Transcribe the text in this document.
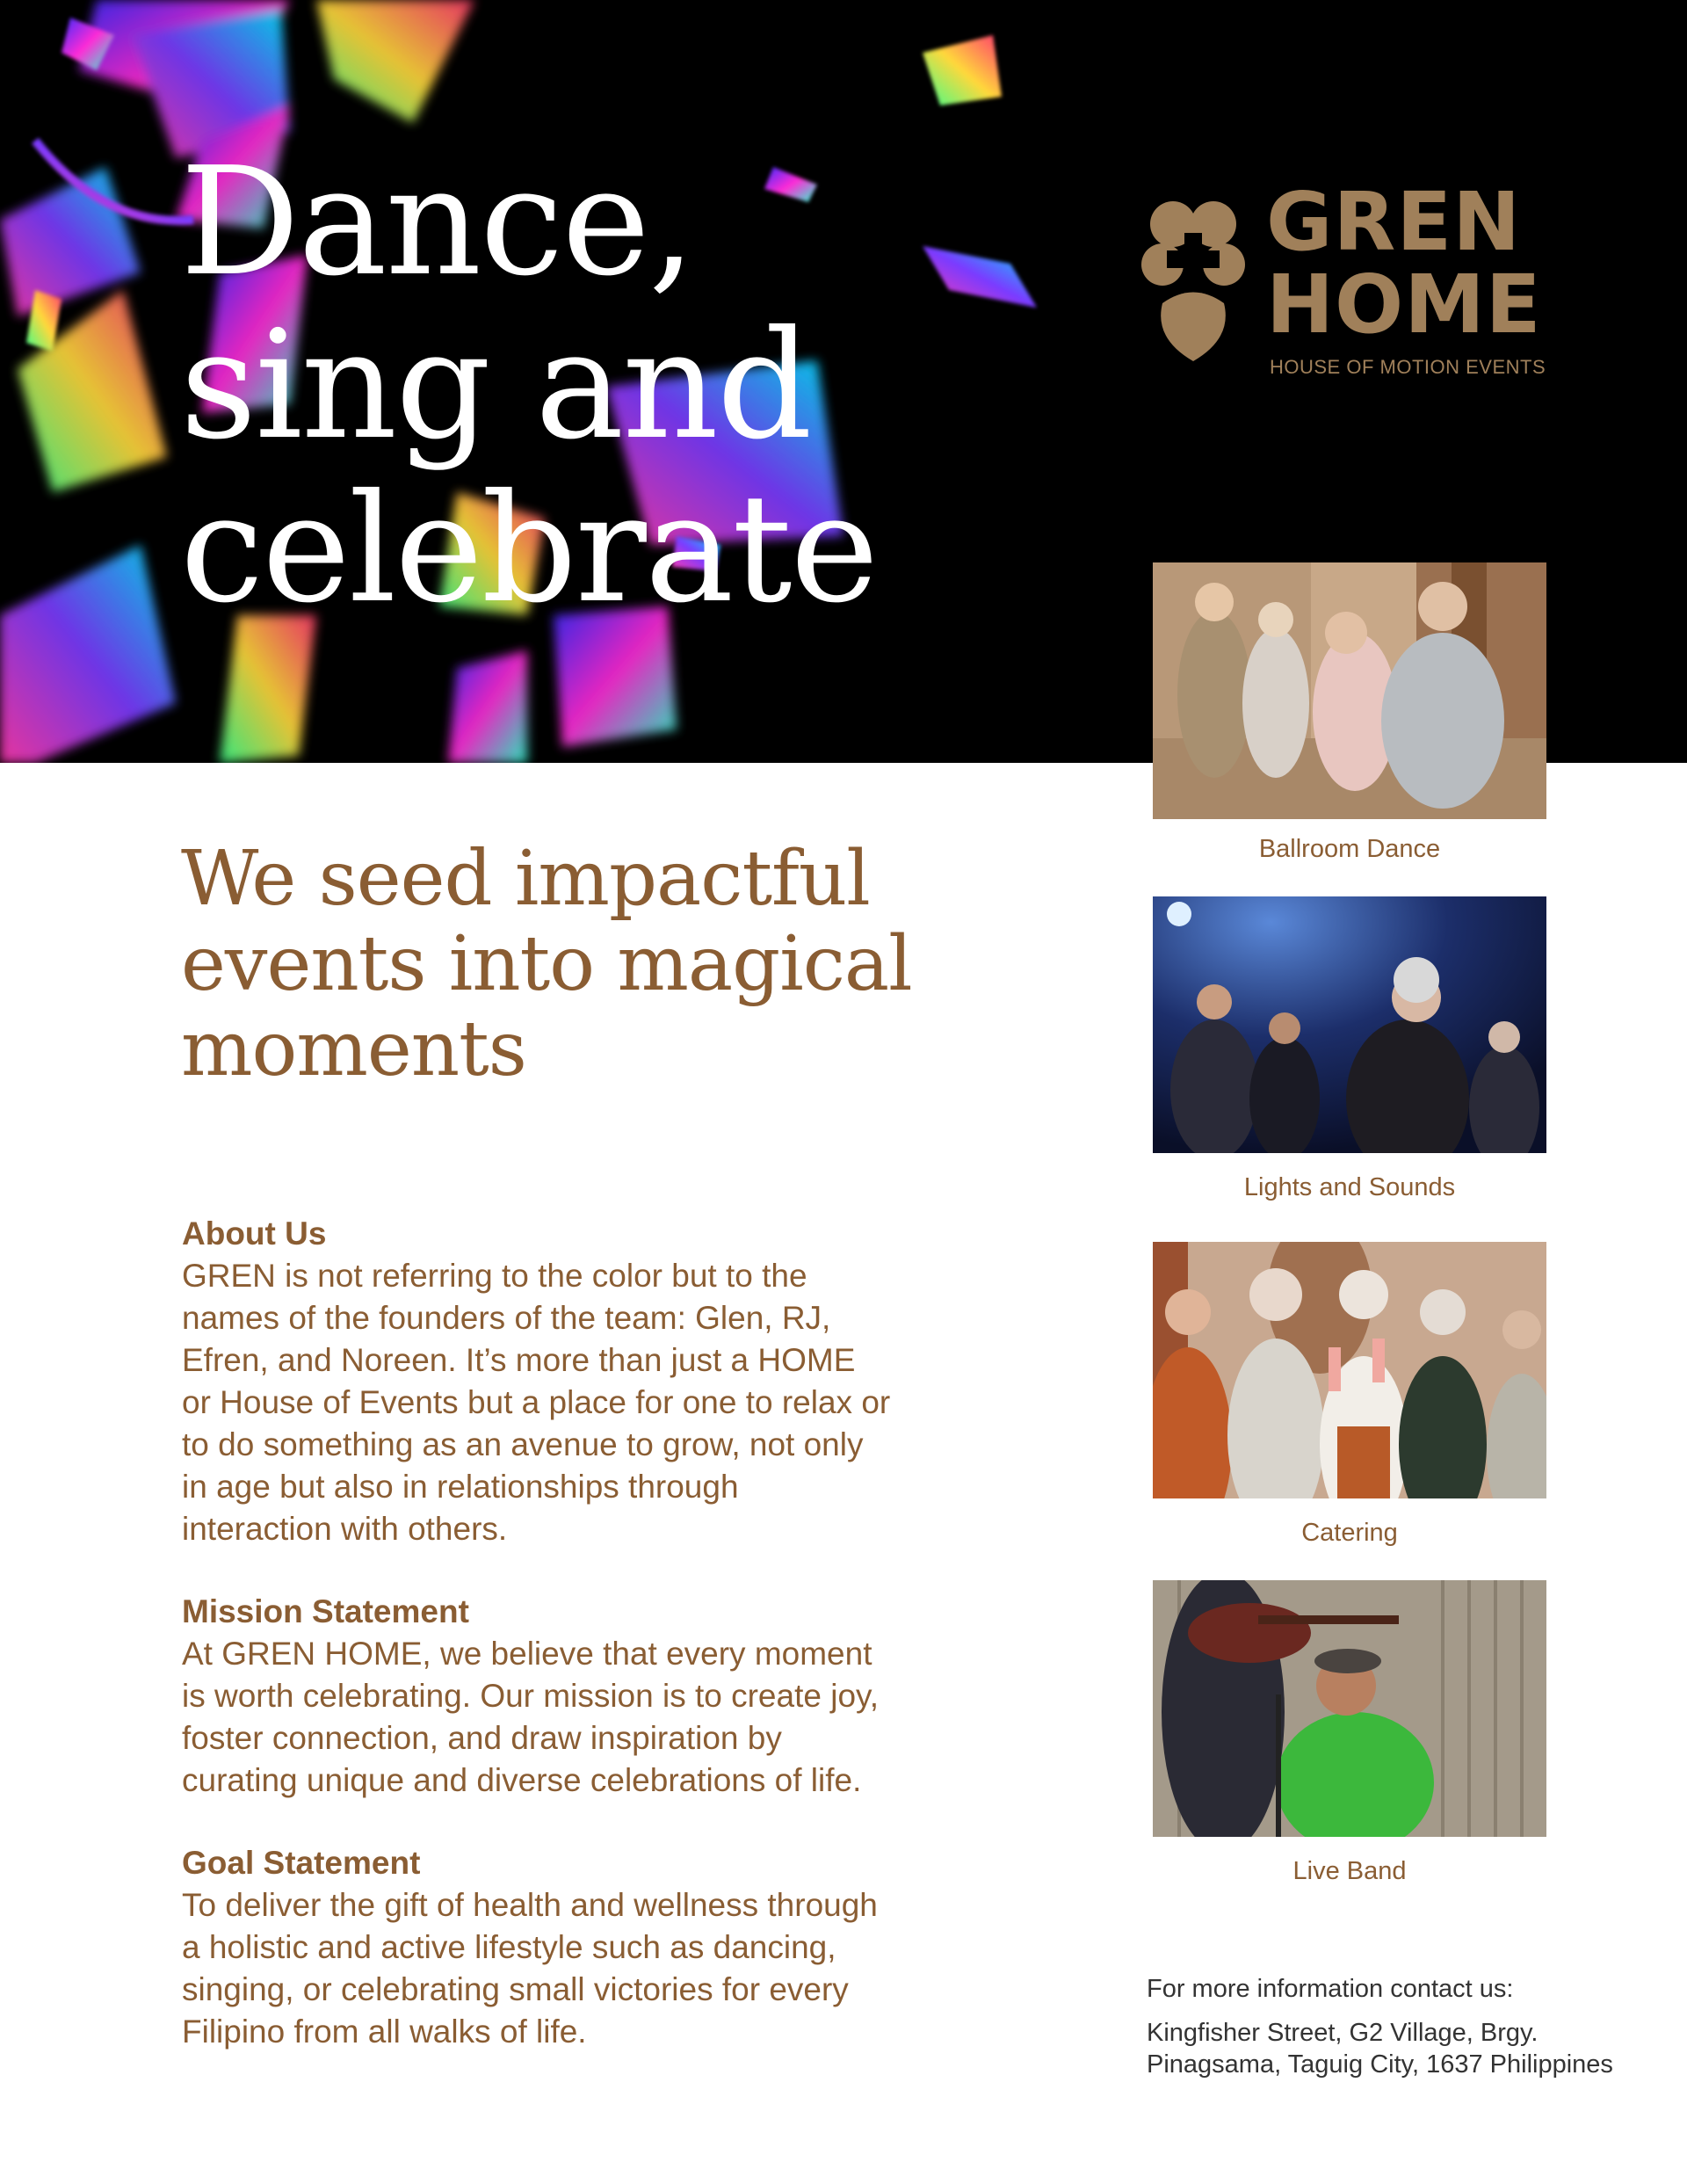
Dance,
sing and
celebrate
GREN
HOME
HOUSE OF MOTION EVENTS
We seed impactful
events into magical
moments
About Us

GREN is not referring to the color but to the
names of the founders of the team: Glen, RJ,
Efren, and Noreen. It’s more than just a HOME
or House of Events but a place for one to relax or
to do something as an avenue to grow, not only
in age but also in relationships through
interaction with others.

Mission Statement

At GREN HOME, we believe that every moment
is worth celebrating. Our mission is to create joy,
foster connection, and draw inspiration by
curating unique and diverse celebrations of life.

Goal Statement

To deliver the gift of health and wellness through
a holistic and active lifestyle such as dancing,
singing, or celebrating small victories for every
Filipino from all walks of life.

Ballroom Dance
Lights and Sounds
Catering
Live Band

For more information contact us:

Kingfisher Street, G2 Village, Brgy.
Pinagsama, Taguig City, 1637 Philippines
